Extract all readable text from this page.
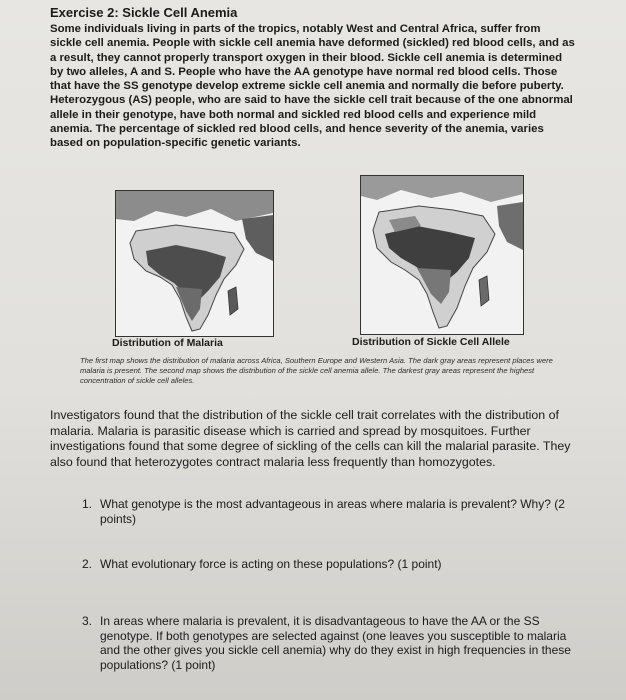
Exercise 2: Sickle Cell Anemia
Some individuals living in parts of the tropics, notably West and Central Africa, suffer from sickle cell anemia. People with sickle cell anemia have deformed (sickled) red blood cells, and as a result, they cannot properly transport oxygen in their blood. Sickle cell anemia is determined by two alleles, A and S. People who have the AA genotype have normal red blood cells. Those that have the SS genotype develop extreme sickle cell anemia and normally die before puberty. Heterozygous (AS) people, who are said to have the sickle cell trait because of the one abnormal allele in their genotype, have both normal and sickled red blood cells and experience mild anemia. The percentage of sickled red blood cells, and hence severity of the anemia, varies based on population-specific genetic variants.
Distribution of Malaria	Distribution of Sickle Cell Allele
The first map shows the distribution of malaria across Africa, Southern Europe and Western Asia. The dark gray areas represent places were malaria is present. The second map shows the distribution of the sickle cell anemia allele. The darkest gray areas represent the highest concentration of sickle cell alleles.
Investigators found that the distribution of the sickle cell trait correlates with the distribution of malaria. Malaria is parasitic disease which is carried and spread by mosquitoes. Further investigations found that some degree of sickling of the cells can kill the malarial parasite. They also found that heterozygotes contract malaria less frequently than homozygotes.
1. What genotype is the most advantageous in areas where malaria is prevalent? Why? (2 points)
2. What evolutionary force is acting on these populations? (1 point)
3. In areas where malaria is prevalent, it is disadvantageous to have the AA or the SS genotype. If both genotypes are selected against (one leaves you susceptible to malaria and the other gives you sickle cell anemia) why do they exist in high frequencies in these populations? (1 point)
